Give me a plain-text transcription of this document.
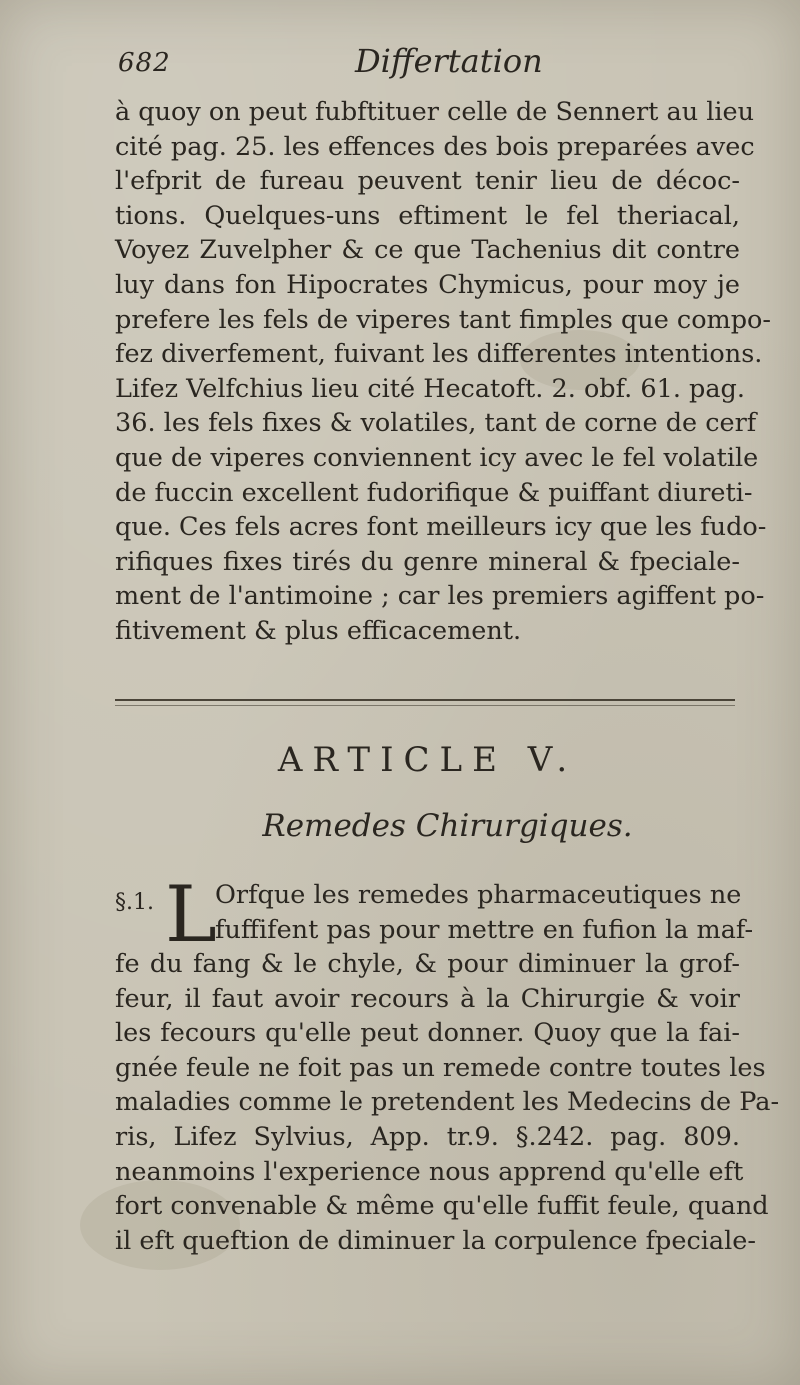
682	Differtation
à quoy on peut fubftituer celle de Sennert au lieu
cité pag. 25. les effences des bois preparées avec
l'efprit de fureau peuvent tenir lieu de décoc-
tions. Quelques-uns eftiment le fel theriacal,
Voyez Zuvelpher & ce que Tachenius dit contre
luy dans fon Hipocrates Chymicus, pour moy je
prefere les fels de viperes tant fimples que compo-
fez diverfement, fuivant les differentes intentions.
Lifez Velfchius lieu cité Hecatoft. 2. obf. 61. pag.
36. les fels fixes & volatiles, tant de corne de cerf
que de viperes conviennent icy avec le fel volatile
de fuccin excellent fudorifique & puiffant diureti-
que. Ces fels acres font meilleurs icy que les fudo-
rifiques fixes tirés du genre mineral & fpeciale-
ment de l'antimoine ; car les premiers agiffent po-
fitivement & plus efficacement.
ARTICLE V.
Remedes Chirurgiques.
§.1. L
Orfque les remedes pharmaceutiques ne
fuffifent pas pour mettre en fufion la maf-
fe du fang & le chyle, & pour diminuer la grof-
feur, il faut avoir recours à la Chirurgie & voir
les fecours qu'elle peut donner. Quoy que la fai-
gnée feule ne foit pas un remede contre toutes les
maladies comme le pretendent les Medecins de Pa-
ris, Lifez Sylvius, App. tr.9. §.242. pag. 809.
neanmoins l'experience nous apprend qu'elle eft
fort convenable & même qu'elle fuffit feule, quand
il eft queftion de diminuer la corpulence fpeciale-
